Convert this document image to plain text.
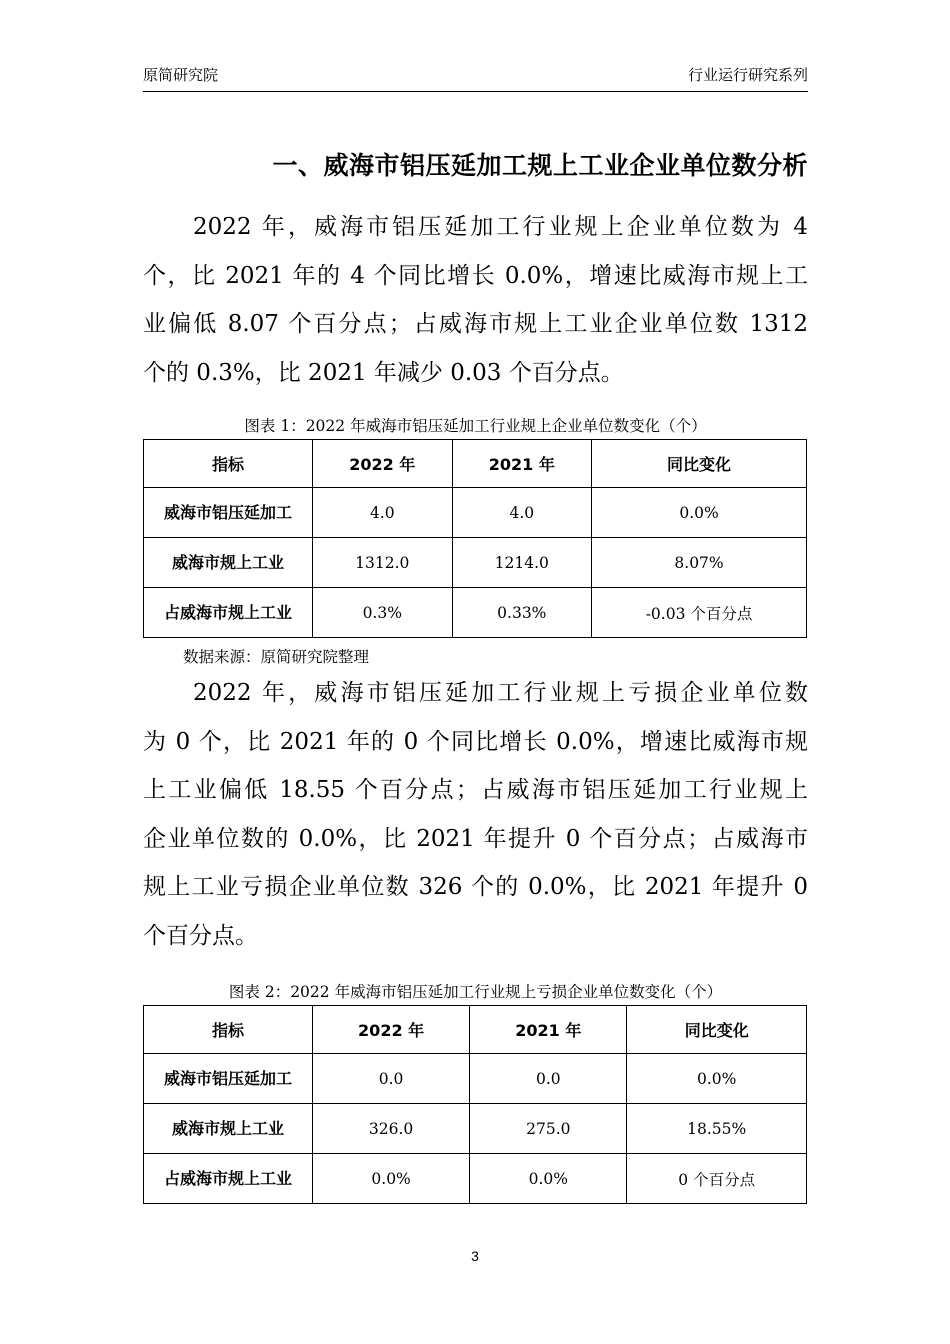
原简研究院	行业运行研究系列
一、威海市铝压延加工规上工业企业单位数分析
2022 年，威海市铝压延加工行业规上企业单位数为 4
个，比 2021 年的 4 个同比增长 0.0%，增速比威海市规上工
业偏低 8.07 个百分点；占威海市规上工业企业单位数 1312
个的 0.3%，比 2021 年减少 0.03 个百分点。
图表 1：2022 年威海市铝压延加工行业规上企业单位数变化（个）
指标	2022 年	2021 年	同比变化
威海市铝压延加工	4.0	4.0	0.0%
威海市规上工业	1312.0	1214.0	8.07%
占威海市规上工业	0.3%	0.33%	-0.03 个百分点
数据来源：原简研究院整理
2022 年，威海市铝压延加工行业规上亏损企业单位数
为 0 个，比 2021 年的 0 个同比增长 0.0%，增速比威海市规
上工业偏低 18.55 个百分点；占威海市铝压延加工行业规上
企业单位数的 0.0%，比 2021 年提升 0 个百分点；占威海市
规上工业亏损企业单位数 326 个的 0.0%，比 2021 年提升 0
个百分点。
图表 2：2022 年威海市铝压延加工行业规上亏损企业单位数变化（个）
指标	2022 年	2021 年	同比变化
威海市铝压延加工	0.0	0.0	0.0%
威海市规上工业	326.0	275.0	18.55%
占威海市规上工业	0.0%	0.0%	0 个百分点
3
